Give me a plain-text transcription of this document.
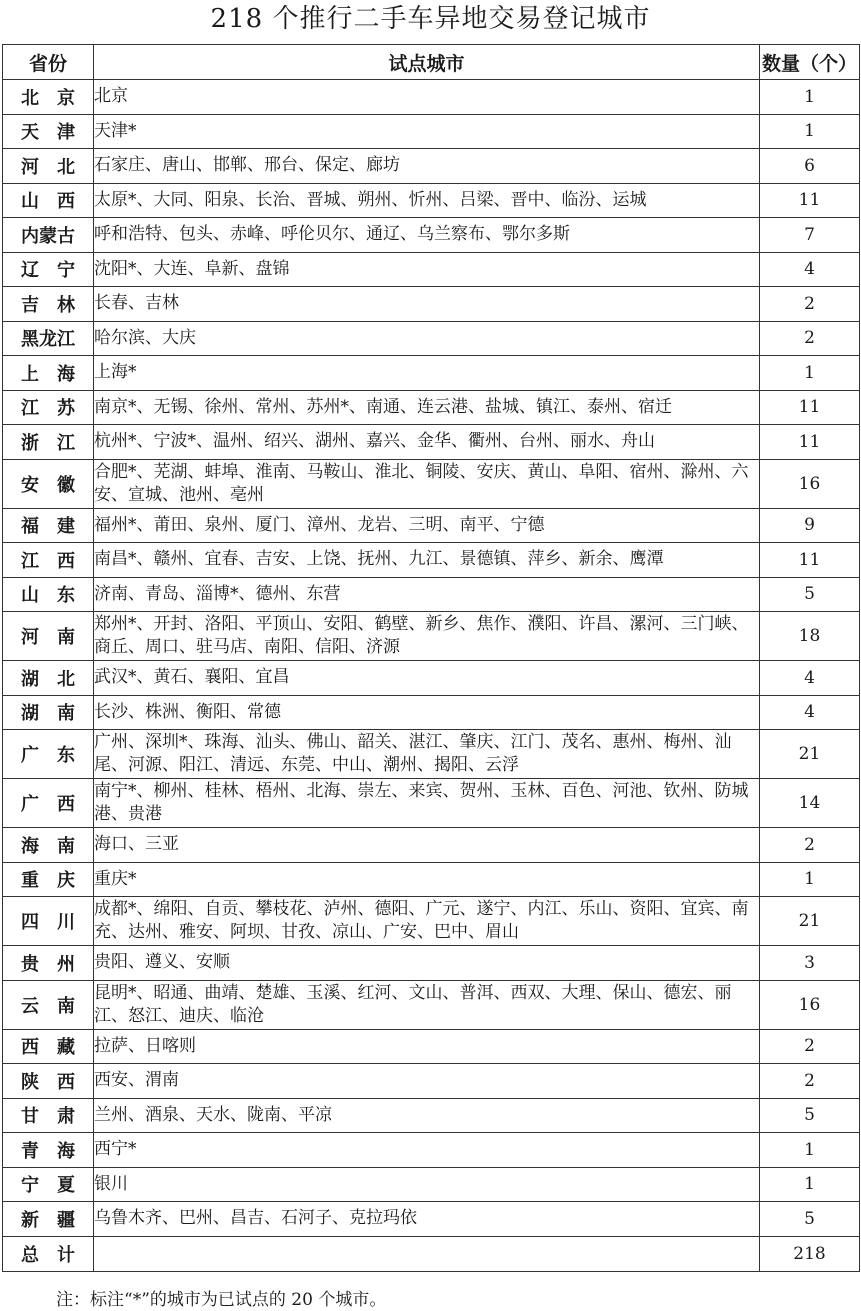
218 个推行二手车异地交易登记城市
省份	试点城市	数量（个）
北京	北京	1
天津	天津*	1
河北	石家庄、唐山、邯郸、邢台、保定、廊坊	6
山西	太原*、大同、阳泉、长治、晋城、朔州、忻州、吕梁、晋中、临汾、运城	11
内蒙古	呼和浩特、包头、赤峰、呼伦贝尔、通辽、乌兰察布、鄂尔多斯	7
辽宁	沈阳*、大连、阜新、盘锦	4
吉林	长春、吉林	2
黑龙江	哈尔滨、大庆	2
上海	上海*	1
江苏	南京*、无锡、徐州、常州、苏州*、南通、连云港、盐城、镇江、泰州、宿迁	11
浙江	杭州*、宁波*、温州、绍兴、湖州、嘉兴、金华、衢州、台州、丽水、舟山	11
安徽	合肥*、芜湖、蚌埠、淮南、马鞍山、淮北、铜陵、安庆、黄山、阜阳、宿州、滁州、六安、宣城、池州、亳州	16
福建	福州*、莆田、泉州、厦门、漳州、龙岩、三明、南平、宁德	9
江西	南昌*、赣州、宜春、吉安、上饶、抚州、九江、景德镇、萍乡、新余、鹰潭	11
山东	济南、青岛、淄博*、德州、东营	5
河南	郑州*、开封、洛阳、平顶山、安阳、鹤壁、新乡、焦作、濮阳、许昌、漯河、三门峡、商丘、周口、驻马店、南阳、信阳、济源	18
湖北	武汉*、黄石、襄阳、宜昌	4
湖南	长沙、株洲、衡阳、常德	4
广东	广州、深圳*、珠海、汕头、佛山、韶关、湛江、肇庆、江门、茂名、惠州、梅州、汕尾、河源、阳江、清远、东莞、中山、潮州、揭阳、云浮	21
广西	南宁*、柳州、桂林、梧州、北海、崇左、来宾、贺州、玉林、百色、河池、钦州、防城港、贵港	14
海南	海口、三亚	2
重庆	重庆*	1
四川	成都*、绵阳、自贡、攀枝花、泸州、德阳、广元、遂宁、内江、乐山、资阳、宜宾、南充、达州、雅安、阿坝、甘孜、凉山、广安、巴中、眉山	21
贵州	贵阳、遵义、安顺	3
云南	昆明*、昭通、曲靖、楚雄、玉溪、红河、文山、普洱、西双、大理、保山、德宏、丽江、怒江、迪庆、临沧	16
西藏	拉萨、日喀则	2
陕西	西安、渭南	2
甘肃	兰州、酒泉、天水、陇南、平凉	5
青海	西宁*	1
宁夏	银川	1
新疆	乌鲁木齐、巴州、昌吉、石河子、克拉玛依	5
总计		218
注：标注“*”的城市为已试点的 20 个城市。
